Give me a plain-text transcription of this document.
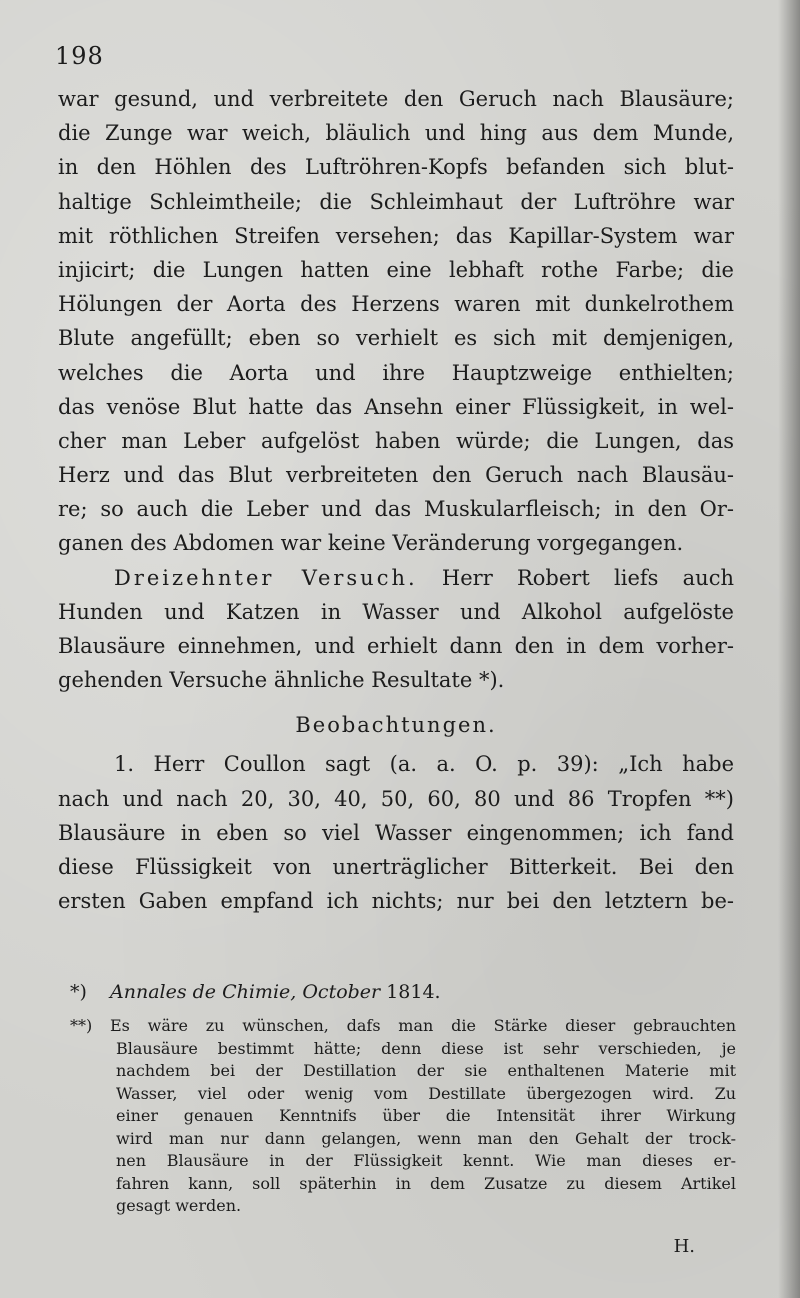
198
war gesund, und verbreitete den Geruch nach Blausäure;
die Zunge war weich, bläulich und hing aus dem Munde,
in den Höhlen des Luftröhren-Kopfs befanden sich blut-
haltige Schleimtheile; die Schleimhaut der Luftröhre war
mit röthlichen Streifen versehen; das Kapillar-System war
injicirt; die Lungen hatten eine lebhaft rothe Farbe; die
Hölungen der Aorta des Herzens waren mit dunkelrothem
Blute angefüllt; eben so verhielt es sich mit demjenigen,
welches die Aorta und ihre Hauptzweige enthielten;
das venöse Blut hatte das Ansehn einer Flüssigkeit, in wel-
cher man Leber aufgelöst haben würde; die Lungen, das
Herz und das Blut verbreiteten den Geruch nach Blausäu-
re; so auch die Leber und das Muskularfleisch; in den Or-
ganen des Abdomen war keine Veränderung vorgegangen.
Dreizehnter Versuch. Herr Robert liefs auch
Hunden und Katzen in Wasser und Alkohol aufgelöste
Blausäure einnehmen, und erhielt dann den in dem vorher-
gehenden Versuche ähnliche Resultate *).
Beobachtungen.
1. Herr Coullon sagt (a. a. O. p. 39): „Ich habe
nach und nach 20, 30, 40, 50, 60, 80 und 86 Tropfen **)
Blausäure in eben so viel Wasser eingenommen; ich fand
diese Flüssigkeit von unerträglicher Bitterkeit. Bei den
ersten Gaben empfand ich nichts; nur bei den letztern be-
*) Annales de Chimie, October 1814.
**) Es wäre zu wünschen, dafs man die Stärke dieser gebrauchten
Blausäure bestimmt hätte; denn diese ist sehr verschieden, je
nachdem bei der Destillation der sie enthaltenen Materie mit
Wasser, viel oder wenig vom Destillate übergezogen wird. Zu
einer genauen Kenntnifs über die Intensität ihrer Wirkung
wird man nur dann gelangen, wenn man den Gehalt der trock-
nen Blausäure in der Flüssigkeit kennt. Wie man dieses er-
fahren kann, soll späterhin in dem Zusatze zu diesem Artikel
gesagt werden.
H.
